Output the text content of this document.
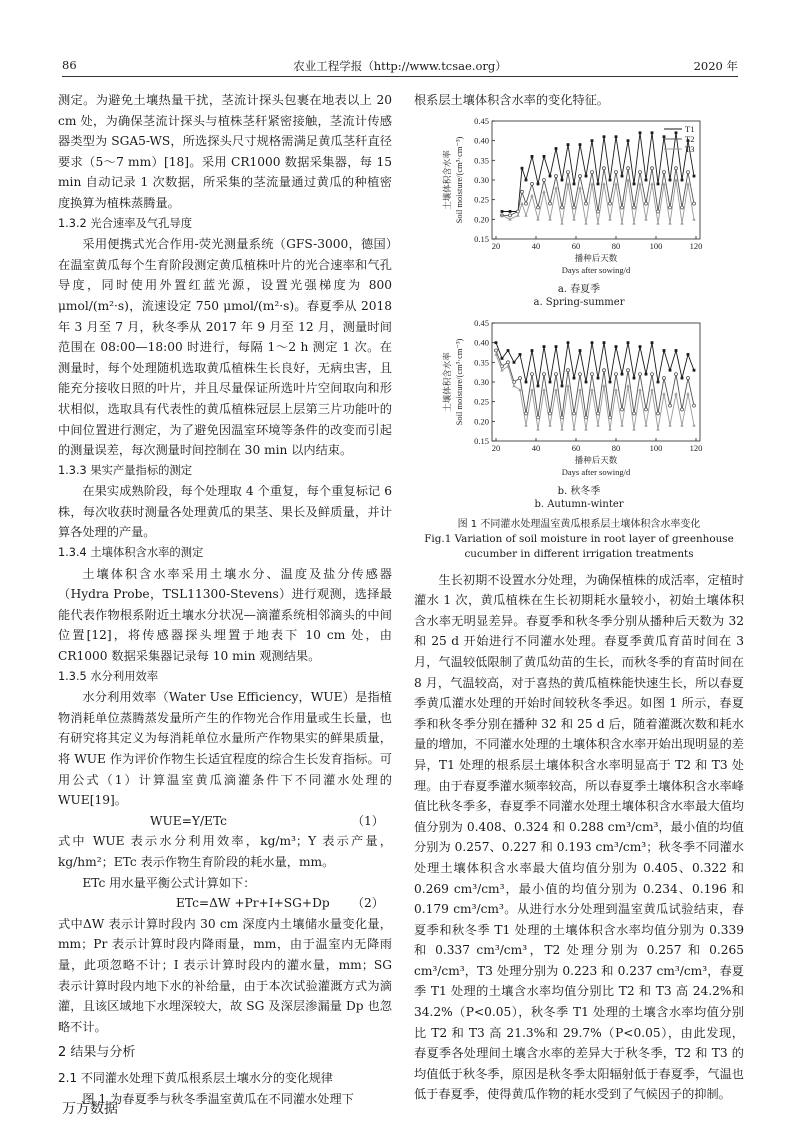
86	农业工程学报（http://www.tcsae.org）	2020 年

测定。为避免土壤热量干扰，茎流计探头包裹在地表以上 20 cm 处，为确保茎流计探头与植株茎秆紧密接触，茎流计传感器类型为 SGA5-WS，所选探头尺寸规格需满足黄瓜茎秆直径要求（5～7 mm）[18]。采用 CR1000 数据采集器，每 15 min 自动记录 1 次数据，所采集的茎流量通过黄瓜的种植密度换算为植株蒸腾量。

1.3.2 光合速率及气孔导度

采用便携式光合作用-荧光测量系统（GFS-3000，德国）在温室黄瓜每个生育阶段测定黄瓜植株叶片的光合速率和气孔导度，同时使用外置红蓝光源，设置光强梯度为 800 μmol/(m²·s)，流速设定 750 μmol/(m²·s)。春夏季从 2018 年 3 月至 7 月，秋冬季从 2017 年 9 月至 12 月，测量时间范围在 08:00—18:00 时进行，每隔 1～2 h 测定 1 次。在测量时，每个处理随机选取黄瓜植株生长良好，无病虫害，且能充分接收日照的叶片，并且尽量保证所选叶片空间取向和形状相似，选取具有代表性的黄瓜植株冠层上层第三片功能叶的中间位置进行测定，为了避免因温室环境等条件的改变而引起的测量误差，每次测量时间控制在 30 min 以内结束。

1.3.3 果实产量指标的测定

在果实成熟阶段，每个处理取 4 个重复，每个重复标记 6 株，每次收获时测量各处理黄瓜的果茎、果长及鲜质量，并计算各处理的产量。

1.3.4 土壤体积含水率的测定

土壤体积含水率采用土壤水分、温度及盐分传感器（Hydra Probe，TSL11300-Stevens）进行观测，选择最能代表作物根系附近土壤水分状况—滴灌系统相邻滴头的中间位置[12]，将传感器探头埋置于地表下 10 cm 处，由 CR1000 数据采集器记录每 10 min 观测结果。

1.3.5 水分利用效率

水分利用效率（Water Use Efficiency，WUE）是指植物消耗单位蒸腾蒸发量所产生的作物光合作用量或生长量，也有研究将其定义为每消耗单位水量所产作物果实的鲜果质量，将 WUE 作为评价作物生长适宜程度的综合生长发育指标。可用公式（1）计算温室黄瓜滴灌条件下不同灌水处理的 WUE[19]。

WUE=Y/ETc	（1）

式中 WUE 表示水分利用效率，kg/m³；Y 表示产量，kg/hm²；ETc 表示作物生育阶段的耗水量，mm。

ETc 用水量平衡公式计算如下：

ETc=ΔW +Pr+I+SG+Dp （2）

式中ΔW 表示计算时段内 30 cm 深度内土壤储水量变化量，mm；Pr 表示计算时段内降雨量，mm，由于温室内无降雨量，此项忽略不计；I 表示计算时段内的灌水量，mm；SG 表示计算时段内地下水的补给量，由于本次试验灌溉方式为滴灌，且该区域地下水埋深较大，故 SG 及深层渗漏量 Dp 也忽略不计。

2 结果与分析
2.1 不同灌水处理下黄瓜根系层土壤水分的变化规律

图 1 为春夏季与秋冬季温室黄瓜在不同灌水处理下

根系层土壤体积含水率的变化特征。

0.15
0.20
0.25
0.30
0.35
0.40
0.45
20	40	60	80	100	120
播种后天数
Days after sowing/d
土壤体积含水率 Soil moisture/(cm³·cm⁻³)
T1
T2
T3
a. 春夏季
a. Spring-summer
0.15
0.20
0.25
0.30
0.35
0.40
0.45
20	40	60	80	100	120
播种后天数
Days after sowing/d
土壤体积含水率 Soil moisture/(cm³·cm⁻³)
b. 秋冬季
b. Autumn-winter
图 1 不同灌水处理温室黄瓜根系层土壤体积含水率变化
Fig.1 Variation of soil moisture in root layer of greenhouse
cucumber in different irrigation treatments

生长初期不设置水分处理，为确保植株的成活率，定植时灌水 1 次，黄瓜植株在生长初期耗水量较小，初始土壤体积含水率无明显差异。春夏季和秋冬季分别从播种后天数为 32 和 25 d 开始进行不同灌水处理。春夏季黄瓜育苗时间在 3 月，气温较低限制了黄瓜幼苗的生长，而秋冬季的育苗时间在 8 月，气温较高，对于喜热的黄瓜植株能快速生长，所以春夏季黄瓜灌水处理的开始时间较秋冬季迟。如图 1 所示，春夏季和秋冬季分别在播种 32 和 25 d 后，随着灌溉次数和耗水量的增加，不同灌水处理的土壤体积含水率开始出现明显的差异，T1 处理的根系层土壤体积含水率明显高于 T2 和 T3 处理。由于春夏季灌水频率较高，所以春夏季土壤体积含水率峰值比秋冬季多，春夏季不同灌水处理土壤体积含水率最大值均值分别为 0.408、0.324 和 0.288 cm³/cm³，最小值的均值分别为 0.257、0.227 和 0.193 cm³/cm³；秋冬季不同灌水处理土壤体积含水率最大值均值分别为 0.405、0.322 和 0.269 cm³/cm³，最小值的均值分别为 0.234、0.196 和 0.179 cm³/cm³。从进行水分处理到温室黄瓜试验结束，春夏季和秋冬季 T1 处理的土壤体积含水率均值分别为 0.339 和 0.337 cm³/cm³，T2 处理分别为 0.257 和 0.265 cm³/cm³，T3 处理分别为 0.223 和 0.237 cm³/cm³，春夏季 T1 处理的土壤含水率均值分别比 T2 和 T3 高 24.2%和 34.2%（P<0.05），秋冬季 T1 处理的土壤含水率均值分别比 T2 和 T3 高 21.3%和 29.7%（P<0.05），由此发现，春夏季各处理间土壤含水率的差异大于秋冬季，T2 和 T3 的均值低于秋冬季，原因是秋冬季太阳辐射低于春夏季，气温也低于春夏季，使得黄瓜作物的耗水受到了气候因子的抑制。

万方数据
